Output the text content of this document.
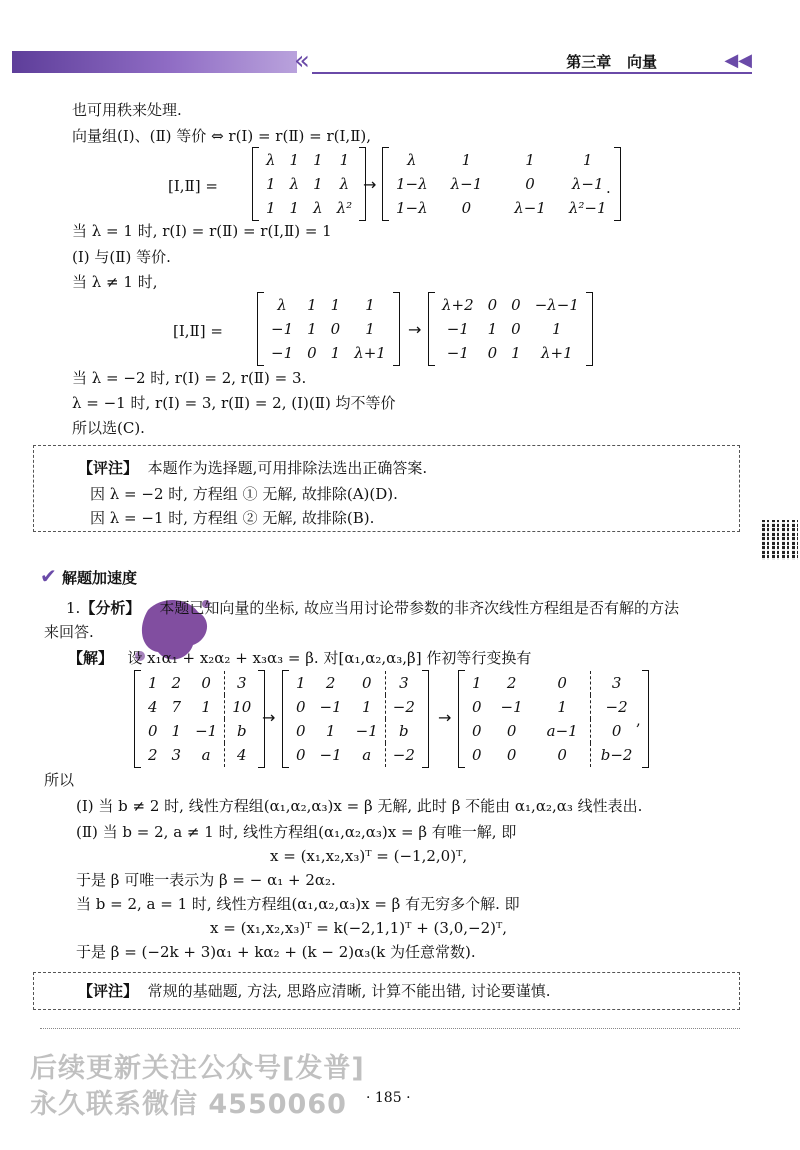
«	第三章 向量	◀◀
也可用秩来处理.
向量组(Ⅰ)、(Ⅱ) 等价 ⇔ r(Ⅰ) = r(Ⅱ) = r(Ⅰ,Ⅱ),
[Ⅰ,Ⅱ] =
λ	1	1	1
1	λ	1	λ
1	1	λ	λ²
→
λ	1	1	1
1−λ	λ−1	0	λ−1
1−λ	0	λ−1	λ²−1
.
当 λ = 1 时, r(Ⅰ) = r(Ⅱ) = r(Ⅰ,Ⅱ) = 1
(Ⅰ) 与(Ⅱ) 等价.
当 λ ≠ 1 时,
[Ⅰ,Ⅱ] =
λ	1	1	1
−1	1	0	1
−1	0	1	λ+1
→
λ+2	0	0	−λ−1
−1	1	0	1
−1	0	1	λ+1
当 λ = −2 时, r(Ⅰ) = 2, r(Ⅱ) = 3.
λ = −1 时, r(Ⅰ) = 3, r(Ⅱ) = 2, (Ⅰ)(Ⅱ) 均不等价
所以选(C).
【评注】 本题作为选择题,可用排除法选出正确答案.
因 λ = −2 时, 方程组 ① 无解, 故排除(A)(D).
因 λ = −1 时, 方程组 ② 无解, 故排除(B).
✔ 解题加速度
1.【分析】 本题已知向量的坐标, 故应当用讨论带参数的非齐次线性方程组是否有解的方法
来回答.
【解】 设 x₁α₁ + x₂α₂ + x₃α₃ = β. 对[α₁,α₂,α₃,β] 作初等行变换有
1	2	0	3
4	7	1	10
0	1	−1	b
2	3	a	4
→
1	2	0	3
0	−1	1	−2
0	1	−1	b
0	−1	a	−2
→
1	2	0	3
0	−1	1	−2
0	0	a−1	0
0	0	0	b−2
,
所以
(Ⅰ) 当 b ≠ 2 时, 线性方程组(α₁,α₂,α₃)x = β 无解, 此时 β 不能由 α₁,α₂,α₃ 线性表出.
(Ⅱ) 当 b = 2, a ≠ 1 时, 线性方程组(α₁,α₂,α₃)x = β 有唯一解, 即
x = (x₁,x₂,x₃)ᵀ = (−1,2,0)ᵀ,
于是 β 可唯一表示为 β = − α₁ + 2α₂.
当 b = 2, a = 1 时, 线性方程组(α₁,α₂,α₃)x = β 有无穷多个解. 即
x = (x₁,x₂,x₃)ᵀ = k(−2,1,1)ᵀ + (3,0,−2)ᵀ,
于是 β = (−2k + 3)α₁ + kα₂ + (k − 2)α₃(k 为任意常数).
【评注】 常规的基础题, 方法, 思路应清晰, 计算不能出错, 讨论要谨慎.
后续更新关注公众号[发普]
永久联系微信 4550060 · 185 ·
